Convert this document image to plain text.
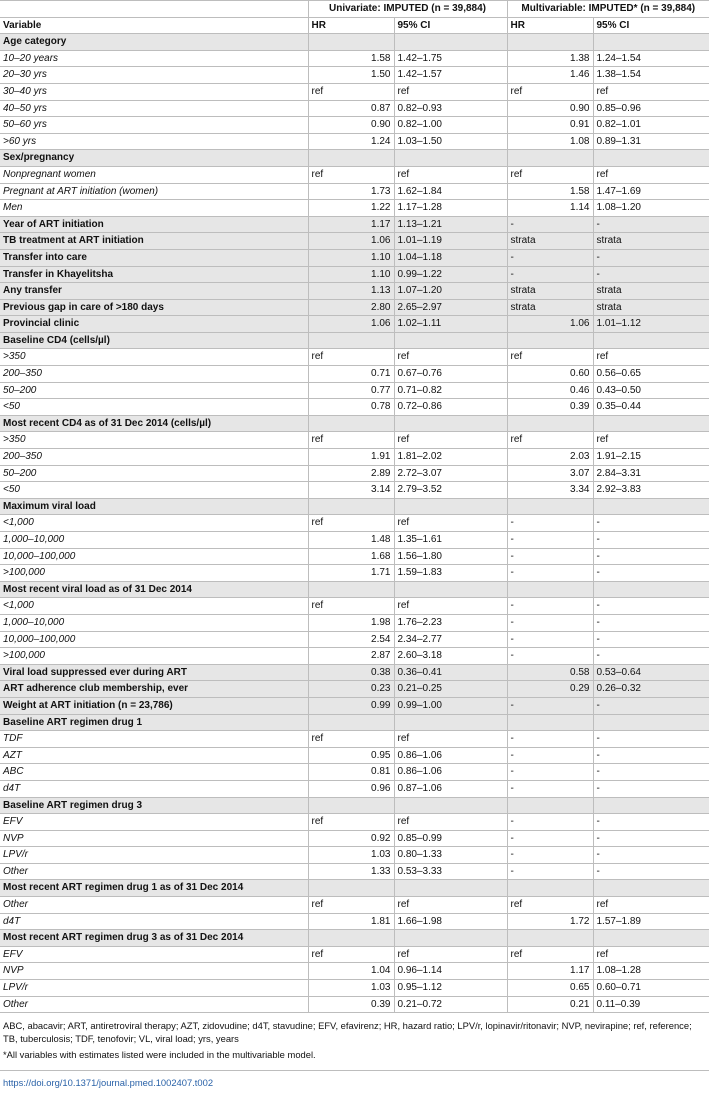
	Univariate: IMPUTED (n = 39,884)		Multivariable: IMPUTED* (n = 39,884)	
Variable	HR	95% CI	HR	95% CI
Age category				
10–20 years	1.58	1.42–1.75	1.38	1.24–1.54
20–30 yrs	1.50	1.42–1.57	1.46	1.38–1.54
30–40 yrs	ref	ref	ref	ref
40–50 yrs	0.87	0.82–0.93	0.90	0.85–0.96
50–60 yrs	0.90	0.82–1.00	0.91	0.82–1.01
>60 yrs	1.24	1.03–1.50	1.08	0.89–1.31
Sex/pregnancy				
Nonpregnant women	ref	ref	ref	ref
Pregnant at ART initiation (women)	1.73	1.62–1.84	1.58	1.47–1.69
Men	1.22	1.17–1.28	1.14	1.08–1.20
Year of ART initiation	1.17	1.13–1.21	-	-
TB treatment at ART initiation	1.06	1.01–1.19	strata	strata
Transfer into care	1.10	1.04–1.18	-	-
Transfer in Khayelitsha	1.10	0.99–1.22	-	-
Any transfer	1.13	1.07–1.20	strata	strata
Previous gap in care of >180 days	2.80	2.65–2.97	strata	strata
Provincial clinic	1.06	1.02–1.11	1.06	1.01–1.12
Baseline CD4 (cells/µl)				
>350	ref	ref	ref	ref
200–350	0.71	0.67–0.76	0.60	0.56–0.65
50–200	0.77	0.71–0.82	0.46	0.43–0.50
<50	0.78	0.72–0.86	0.39	0.35–0.44
Most recent CD4 as of 31 Dec 2014 (cells/µl)				
>350	ref	ref	ref	ref
200–350	1.91	1.81–2.02	2.03	1.91–2.15
50–200	2.89	2.72–3.07	3.07	2.84–3.31
<50	3.14	2.79–3.52	3.34	2.92–3.83
Maximum viral load				
<1,000	ref	ref	-	-
1,000–10,000	1.48	1.35–1.61	-	-
10,000–100,000	1.68	1.56–1.80	-	-
>100,000	1.71	1.59–1.83	-	-
Most recent viral load as of 31 Dec 2014				
<1,000	ref	ref	-	-
1,000–10,000	1.98	1.76–2.23	-	-
10,000–100,000	2.54	2.34–2.77	-	-
>100,000	2.87	2.60–3.18	-	-
Viral load suppressed ever during ART	0.38	0.36–0.41	0.58	0.53–0.64
ART adherence club membership, ever	0.23	0.21–0.25	0.29	0.26–0.32
Weight at ART initiation (n = 23,786)	0.99	0.99–1.00	-	-
Baseline ART regimen drug 1				
TDF	ref	ref	-	-
AZT	0.95	0.86–1.06	-	-
ABC	0.81	0.86–1.06	-	-
d4T	0.96	0.87–1.06	-	-
Baseline ART regimen drug 3				
EFV	ref	ref	-	-
NVP	0.92	0.85–0.99	-	-
LPV/r	1.03	0.80–1.33	-	-
Other	1.33	0.53–3.33	-	-
Most recent ART regimen drug 1 as of 31 Dec 2014				
Other	ref	ref	ref	ref
d4T	1.81	1.66–1.98	1.72	1.57–1.89
Most recent ART regimen drug 3 as of 31 Dec 2014				
EFV	ref	ref	ref	ref
NVP	1.04	0.96–1.14	1.17	1.08–1.28
LPV/r	1.03	0.95–1.12	0.65	0.60–0.71
Other	0.39	0.21–0.72	0.21	0.11–0.39

ABC, abacavir; ART, antiretroviral therapy; AZT, zidovudine; d4T, stavudine; EFV, efavirenz; HR, hazard ratio; LPV/r, lopinavir/ritonavir; NVP, nevirapine; ref, reference; TB, tuberculosis; TDF, tenofovir; VL, viral load; yrs, years

*All variables with estimates listed were included in the multivariable model.

https://doi.org/10.1371/journal.pmed.1002407.t002
